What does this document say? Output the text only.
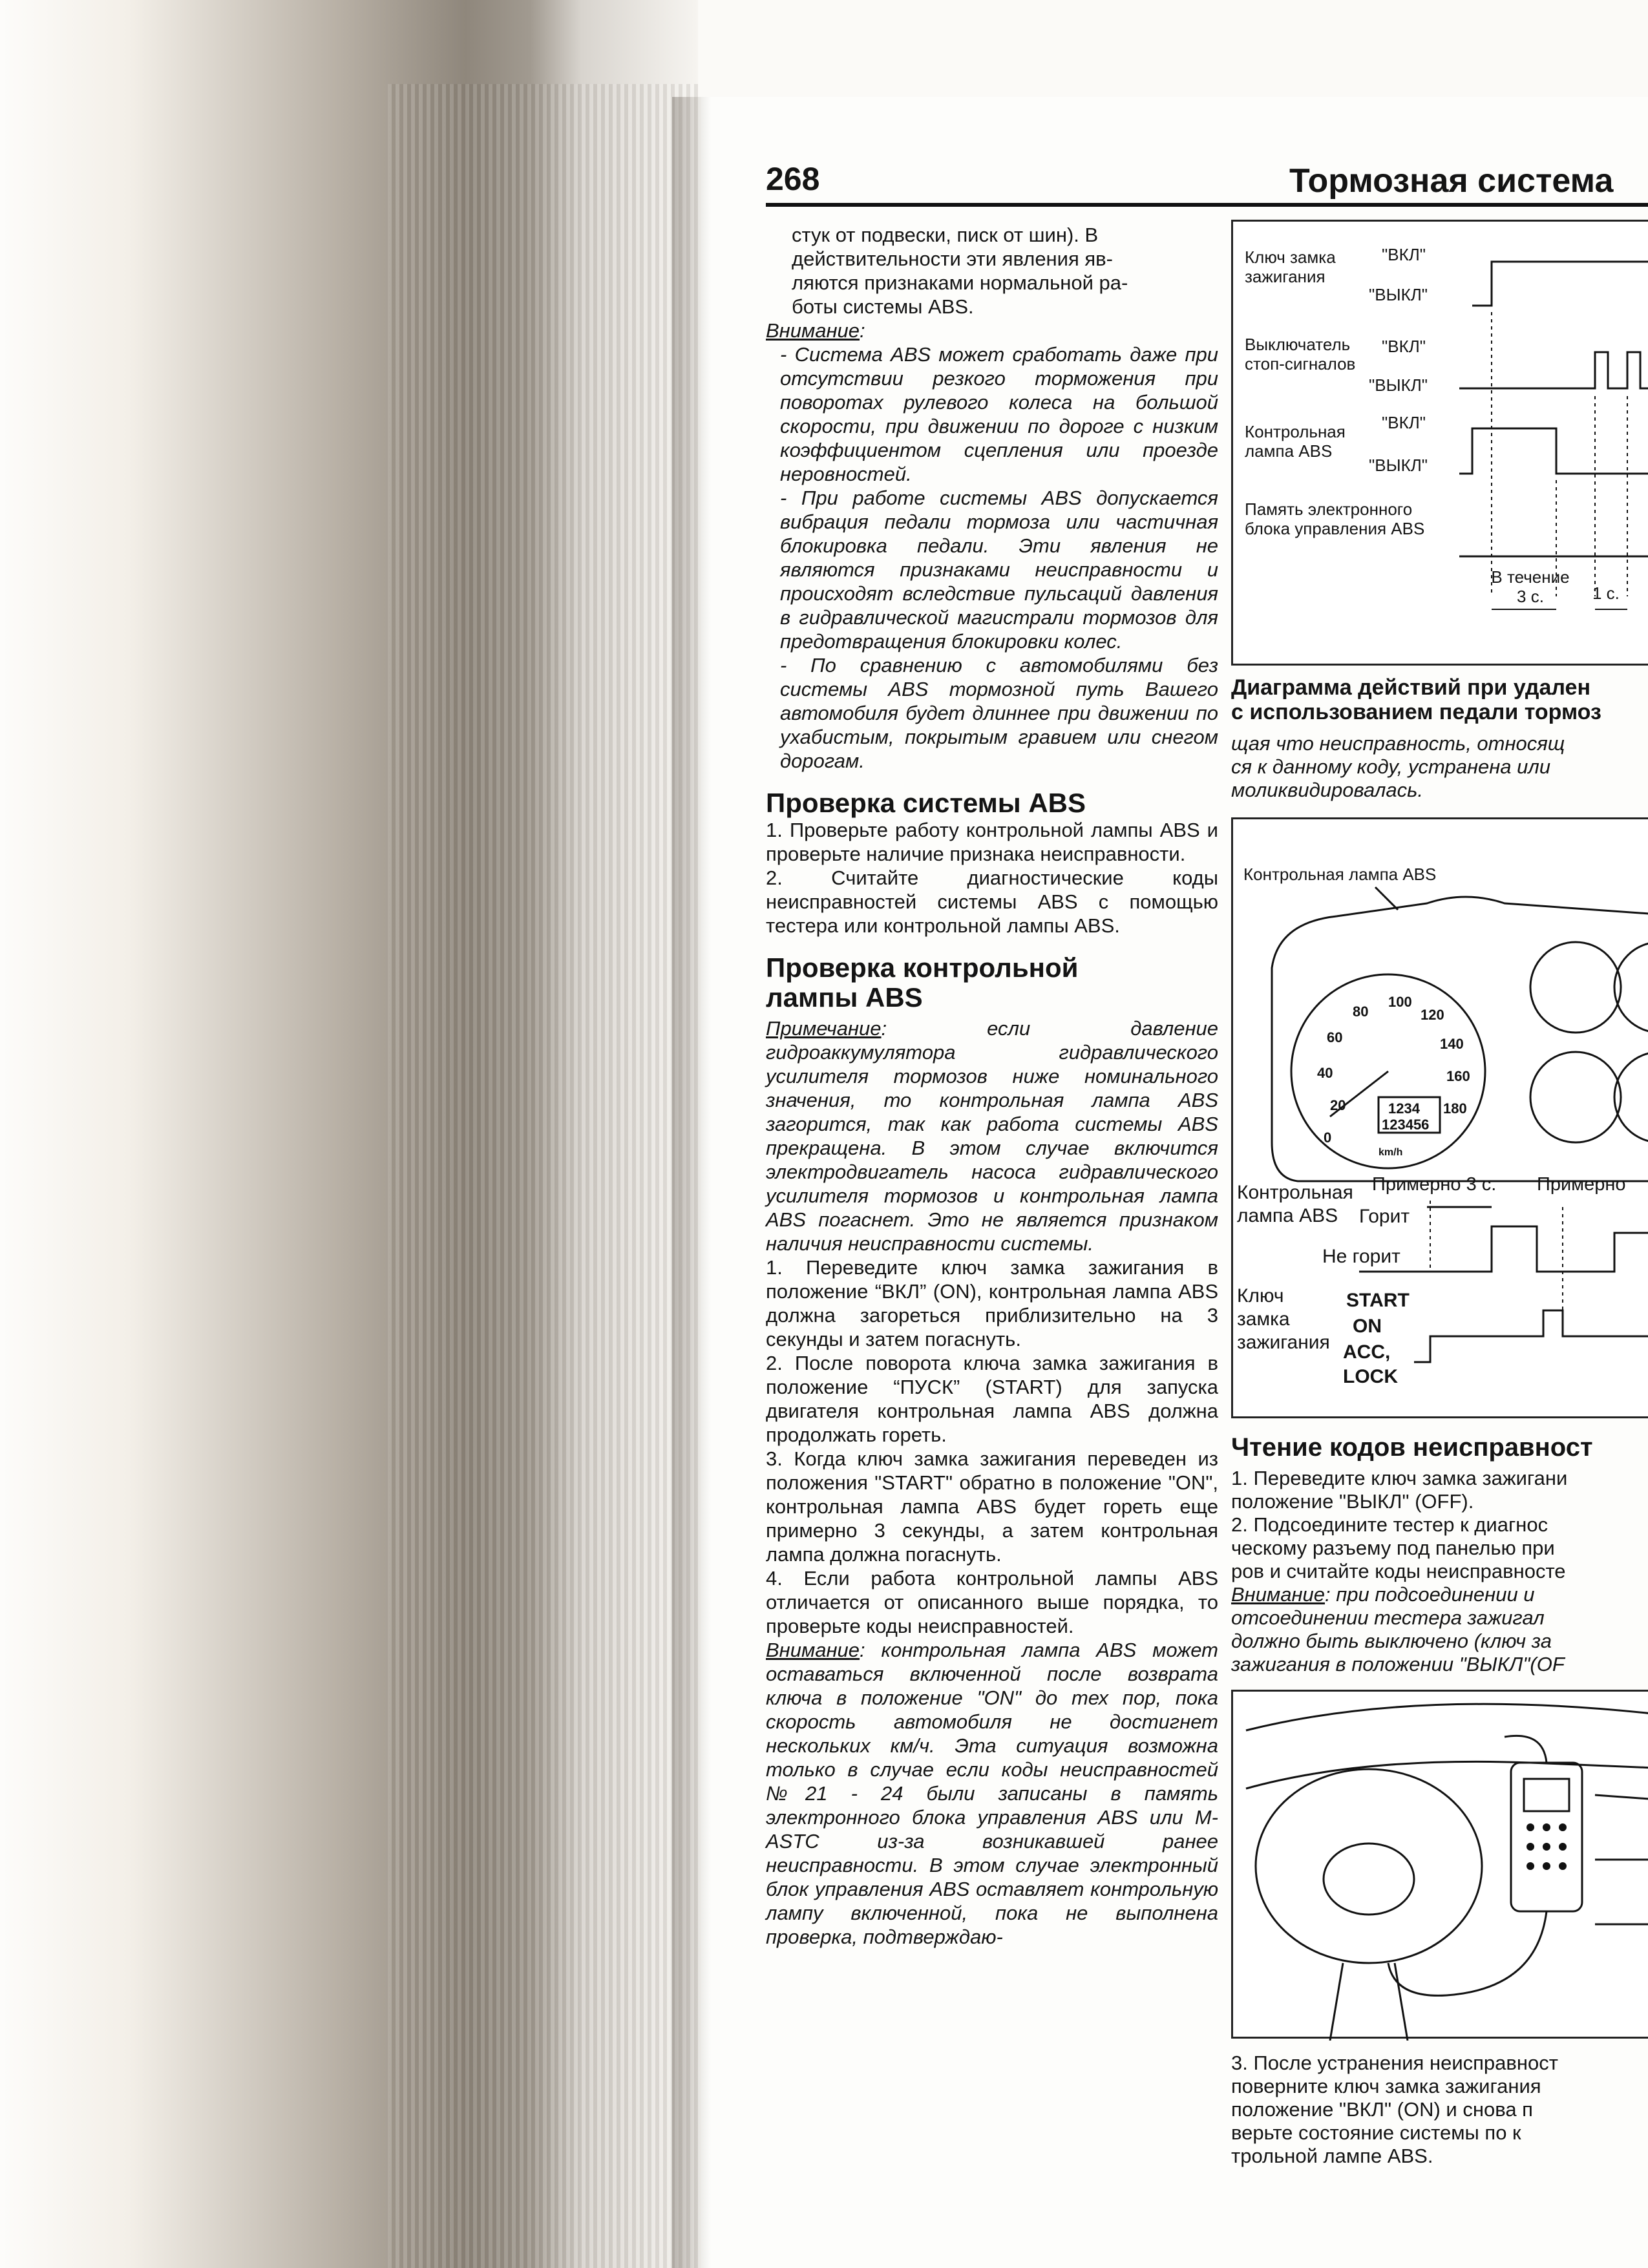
268	Тормозная система

стук от подвески, писк от шин). В

действительности эти явления яв-

ляются признаками нормальной ра-

боты системы ABS.

Внимание:

- Система ABS может сработать даже при отсутствии резкого торможения при поворотах рулевого колеса на большой скорости, при движении по дороге с низким коэффициентом сцепления или проезде неровностей.

- При работе системы ABS допускается вибрация педали тормоза или частичная блокировка педали. Эти явления не являются признаками неисправности и происходят вследствие пульсаций давления в гидравлической магистрали тормозов для предотвращения блокировки колес.

- По сравнению с автомобилями без системы ABS тормозной путь Вашего автомобиля будет длиннее при движении по ухабистым, покрытым гравием или снегом дорогам.

Проверка системы ABS

1. Проверьте работу контрольной лампы ABS и проверьте наличие признака неисправности.

2. Считайте диагностические коды неисправностей системы ABS с помощью тестера или контрольной лампы ABS.

Проверка контрольной лампы ABS

Примечание: если давление гидроаккумулятора гидравлического усилителя тормозов ниже номинального значения, то контрольная лампа ABS загорится, так как работа системы ABS прекращена. В этом случае включится электродвигатель насоса гидравлического усилителя тормозов и контрольная лампа ABS погаснет. Это не является признаком наличия неисправности системы.

1. Переведите ключ замка зажигания в положение “ВКЛ” (ON), контрольная лампа ABS должна загореться приблизительно на 3 секунды и затем погаснуть.

2. После поворота ключа замка зажигания в положение “ПУСК” (START) для запуска двигателя контрольная лампа ABS должна продолжать гореть.

3. Когда ключ замка зажигания переведен из положения "START" обратно в положение "ON", контрольная лампа ABS будет гореть еще примерно 3 секунды, а затем контрольная лампа должна погаснуть.

4. Если работа контрольной лампы ABS отличается от описанного выше порядка, то проверьте коды неисправностей.

Внимание: контрольная лампа ABS может оставаться включенной после возврата ключа в положение "ON" до тех пор, пока скорость автомобиля не достигнет нескольких км/ч. Эта ситуация возможна только в случае если коды неисправностей №21 - 24 были записаны в память электронного блока управления ABS или M-ASTC из-за возникавшей ранее неисправности. В этом случае электронный блок управления ABS оставляет контрольную лампу включенной, пока не выполнена проверка, подтверждаю-

Ключ замка зажигания
"ВКЛ"
"ВЫКЛ"
Выключатель стоп-сигналов
"ВКЛ"
"ВЫКЛ"
Контрольная лампа ABS
"ВКЛ"
"ВЫКЛ"
Память электронного блока управления ABS
В течение 3 с.	1 с.
Диаграмма действий при удален
с использованием педали тормоз
щая что неисправность, относящ
ся к данному коду, устранена или
моликвидировалась.
Контрольная лампа ABS
20
40
60
80
100
120
140
160
180
0
1234
123456
km/h
Контрольная лампа ABS
Примерно 3 с. Примерно
Горит
Не горит
Ключ замка зажигания
START
ON
ACC,
LOCK
Чтение кодов неисправност
1. Переведите ключ замка зажигани
положение "ВЫКЛ" (OFF).
2. Подсоедините тестер к диагнос
ческому разъему под панелью при
ров и считайте коды неисправносте
Внимание: при подсоединении и
отсоединении тестера зажигал
должно быть выключено (ключ за
зажигания в положении "ВЫКЛ"(OF
3. После устранения неисправност
поверните ключ замка зажигания
положение "ВКЛ" (ON) и снова п
верьте состояние системы по к
трольной лампе ABS.
